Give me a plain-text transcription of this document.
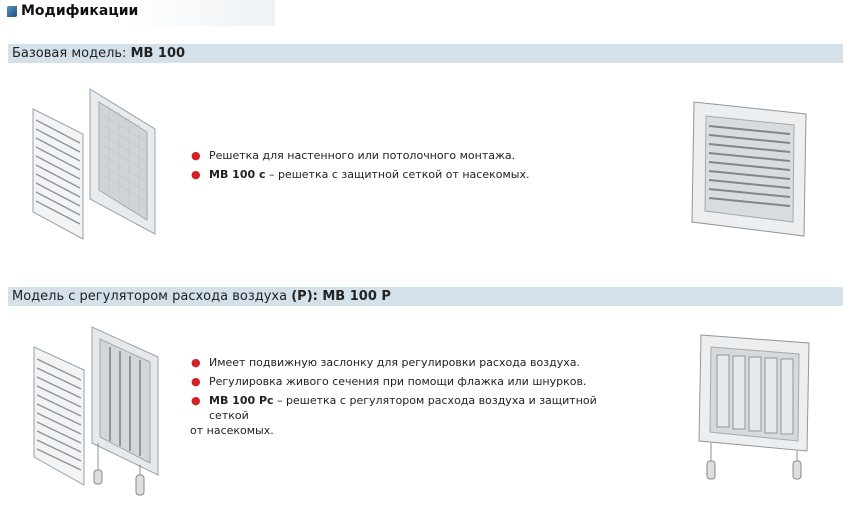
Модификации
Базовая модель: МВ 100
● Решетка для настенного или потолочного монтажа.
● МВ 100 с – решетка с защитной сеткой от насекомых.
Модель с регулятором расхода воздуха (Р): МВ 100 Р
● Имеет подвижную заслонку для регулировки расхода воздуха.
● Регулировка живого сечения при помощи флажка или шнурков.
● МВ 100 Рс – решетка с регулятором расхода воздуха и защитной сеткой
от насекомых.
